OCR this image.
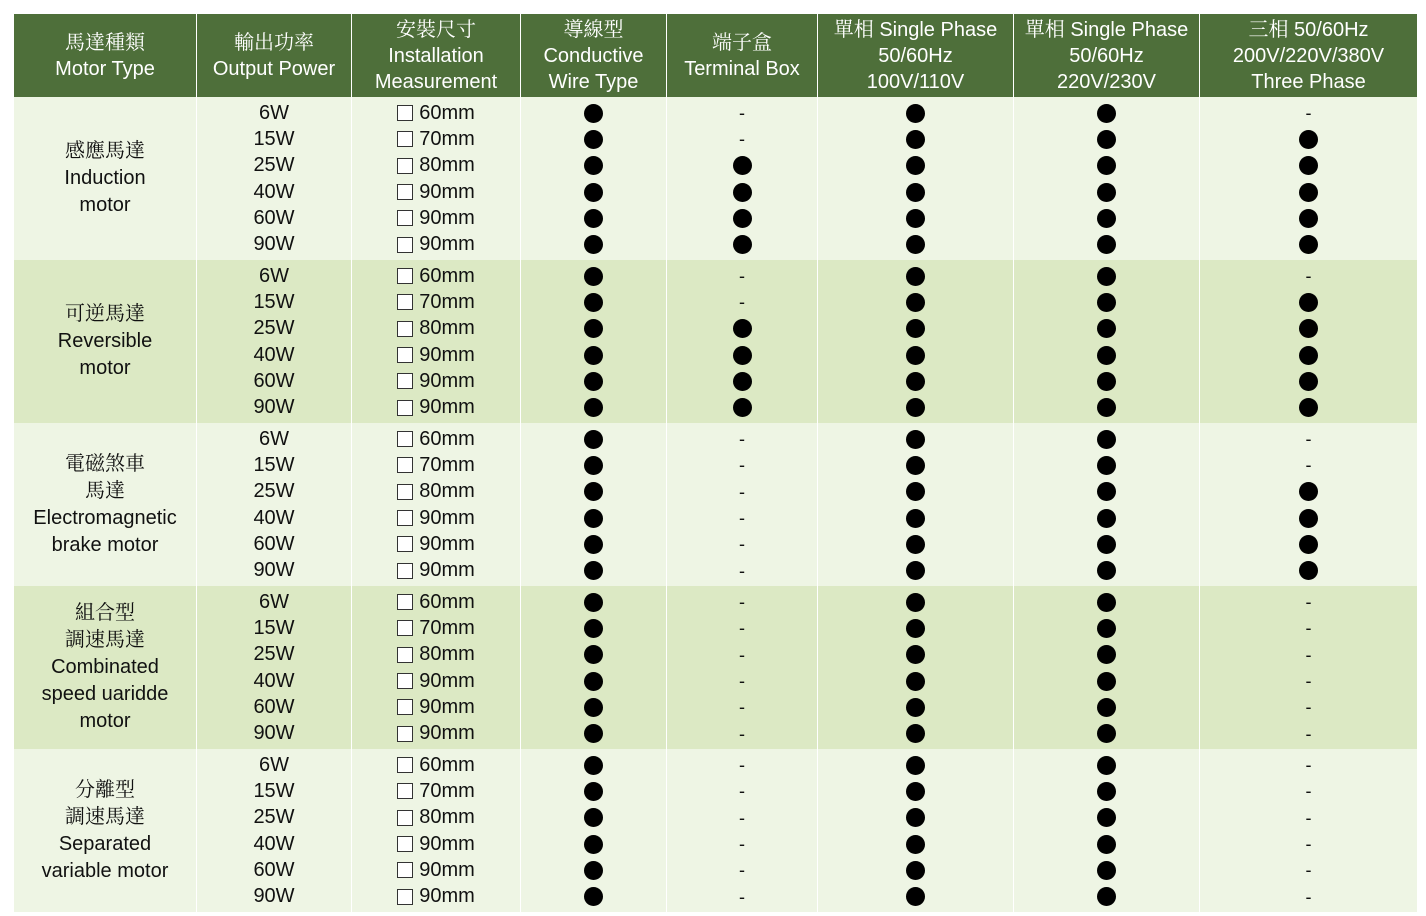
馬達種類
Motor Type
輸出功率
Output Power
安裝尺寸
Installation
Measurement
導線型
Conductive
Wire Type
端子盒
Terminal Box
單相 Single Phase
50/60Hz
100V/110V
單相 Single Phase
50/60Hz
220V/230V
三相 50/60Hz
200V/220V/380V
Three Phase
感應馬達
Induction
motor
6W
15W
25W
40W
60W
90W
60mm
70mm
80mm
90mm
90mm
90mm
-
-
-
可逆馬達
Reversible
motor
6W
15W
25W
40W
60W
90W
60mm
70mm
80mm
90mm
90mm
90mm
-
-
-
電磁煞車
馬達
Electromagnetic
brake motor
6W
15W
25W
40W
60W
90W
60mm
70mm
80mm
90mm
90mm
90mm
-
-
-
-
-
-
-
-
組合型
調速馬達
Combinated
speed uaridde
motor
6W
15W
25W
40W
60W
90W
60mm
70mm
80mm
90mm
90mm
90mm
-
-
-
-
-
-
-
-
-
-
-
-
分離型
調速馬達
Separated
variable motor
6W
15W
25W
40W
60W
90W
60mm
70mm
80mm
90mm
90mm
90mm
-
-
-
-
-
-
-
-
-
-
-
-
